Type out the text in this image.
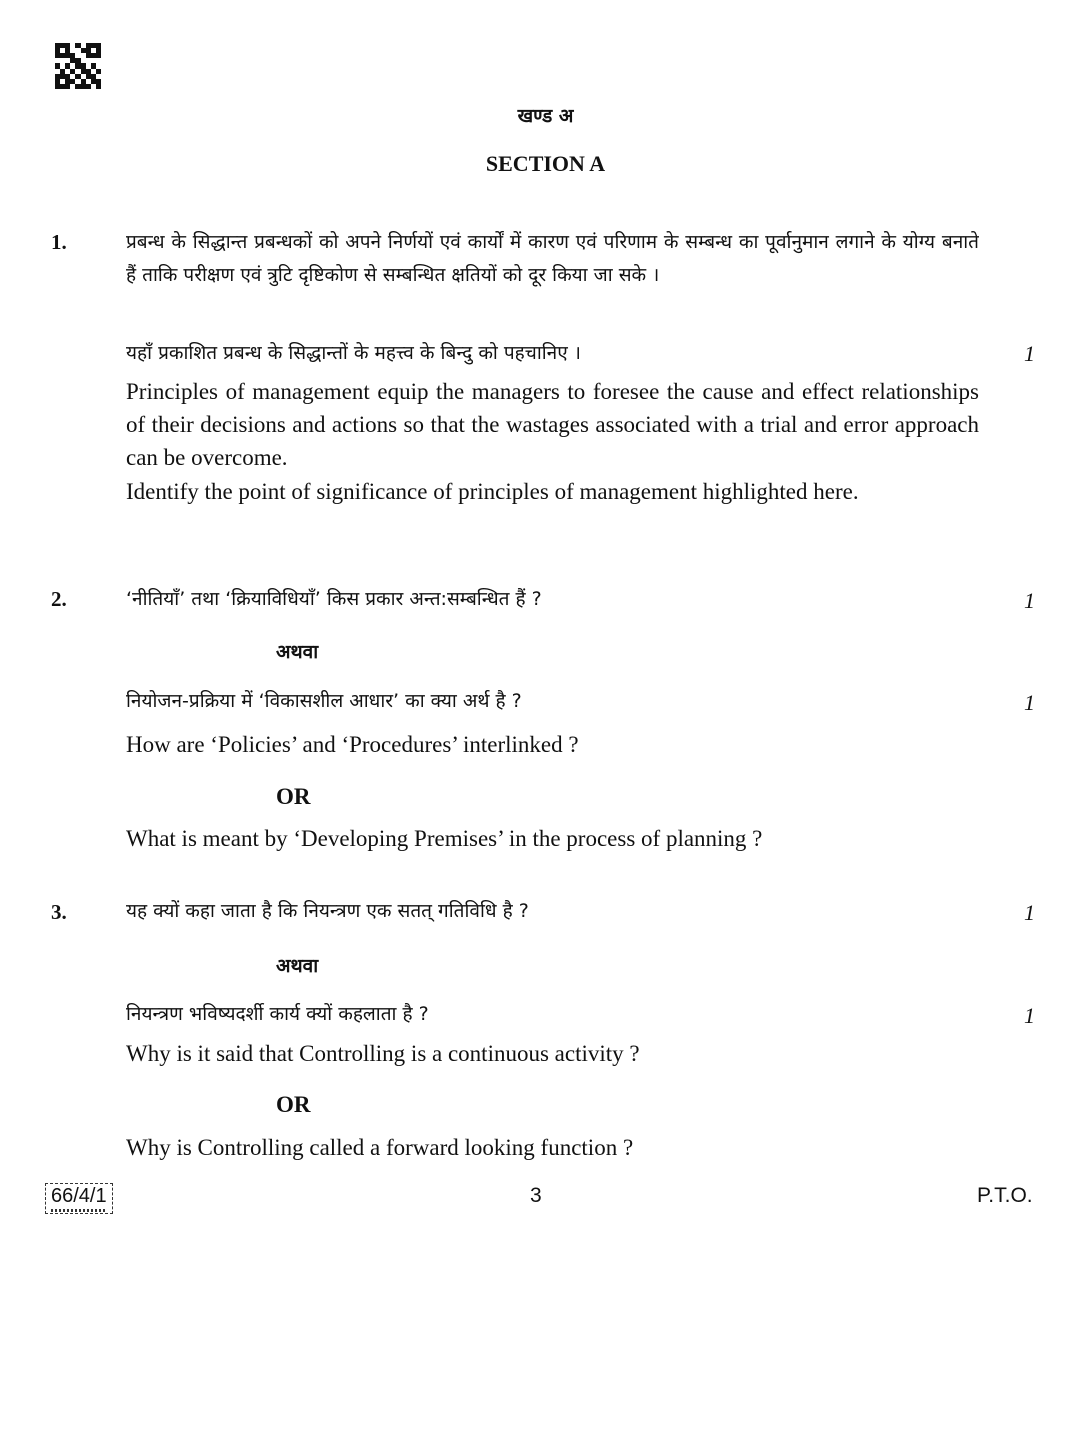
खण्ड अ
SECTION A
1.	प्रबन्ध के सिद्धान्त प्रबन्धकों को अपने निर्णयों एवं कार्यों में कारण एवं परिणाम के सम्बन्ध का पूर्वानुमान लगाने के योग्य बनाते हैं ताकि परीक्षण एवं त्रुटि दृष्टिकोण से सम्बन्धित क्षतियों को दूर किया जा सके ।
यहाँ प्रकाशित प्रबन्ध के सिद्धान्तों के महत्त्व के बिन्दु को पहचानिए ।	1
Principles of management equip the managers to foresee the cause and effect relationships of their decisions and actions so that the wastages associated with a trial and error approach can be overcome.
Identify the point of significance of principles of management highlighted here.
2.	‘नीतियाँ’ तथा ‘क्रियाविधियाँ’ किस प्रकार अन्त:सम्बन्धित हैं ?	1
अथवा
नियोजन-प्रक्रिया में ‘विकासशील आधार’ का क्या अर्थ है ?	1
How are ‘Policies’ and ‘Procedures’ interlinked ?
OR
What is meant by ‘Developing Premises’ in the process of planning ?
3.	यह क्यों कहा जाता है कि नियन्त्रण एक सतत् गतिविधि है ?	1
अथवा
नियन्त्रण भविष्यदर्शी कार्य क्यों कहलाता है ?	1
Why is it said that Controlling is a continuous activity ?
OR
Why is Controlling called a forward looking function ?
66/4/1	3	P.T.O.
